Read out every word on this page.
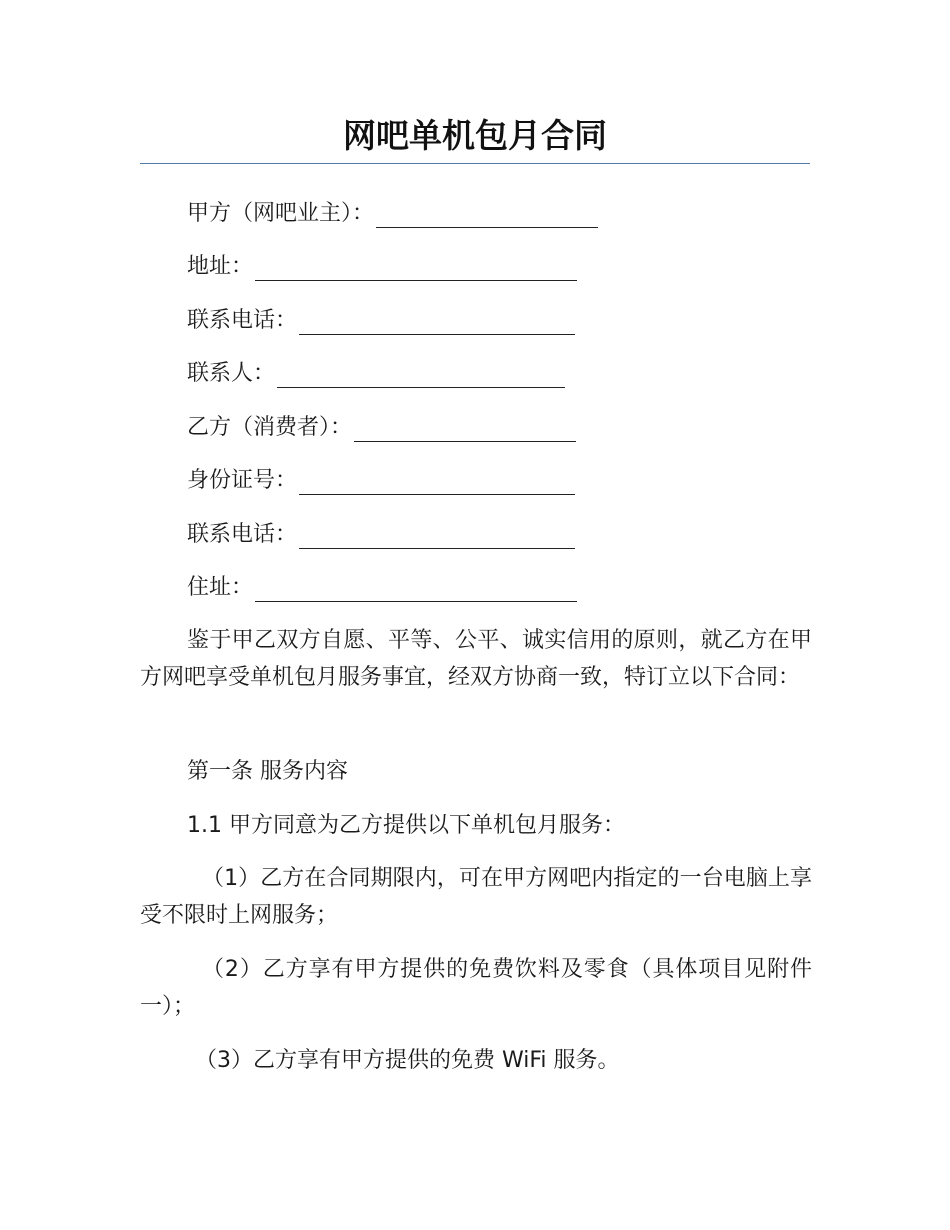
网吧单机包月合同
甲方（网吧业主）：
地址：
联系电话：
联系人：
乙方（消费者）：
身份证号：
联系电话：
住址：

鉴于甲乙双方自愿、平等、公平、诚实信用的原则，就乙方在甲方网吧享受单机包月服务事宜，经双方协商一致，特订立以下合同：

第一条 服务内容
1.1 甲方同意为乙方提供以下单机包月服务：

（1）乙方在合同期限内，可在甲方网吧内指定的一台电脑上享受不限时上网服务；

（2）乙方享有甲方提供的免费饮料及零食（具体项目见附件一）；

（3）乙方享有甲方提供的免费 WiFi 服务。
